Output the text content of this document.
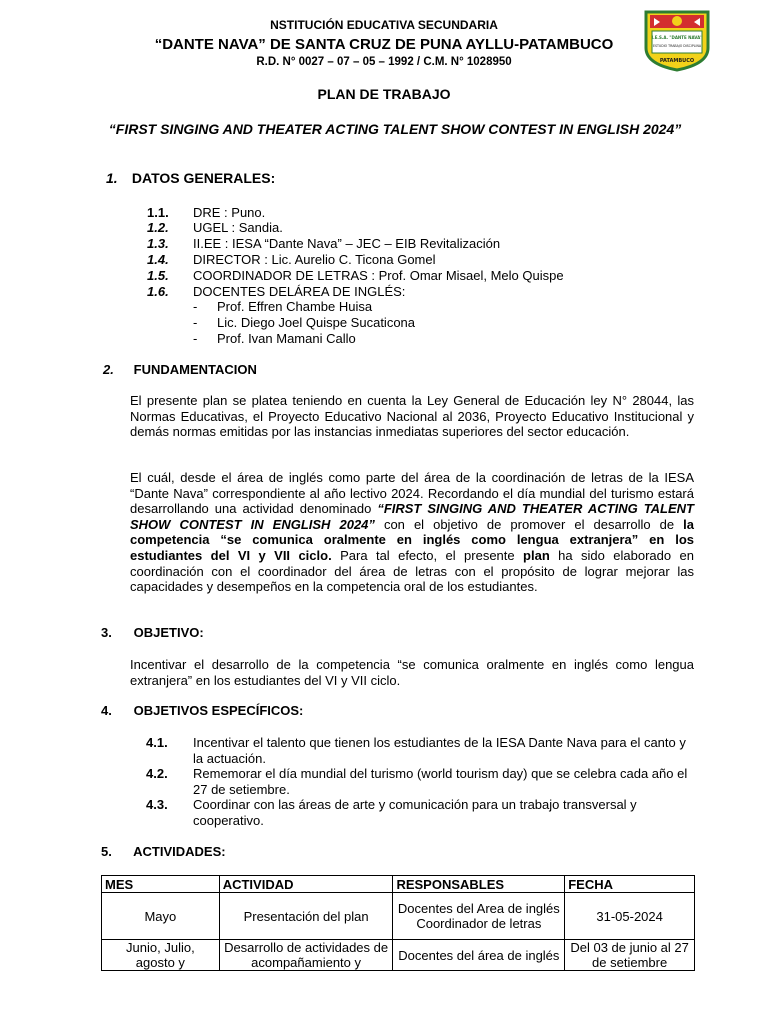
NSTITUCIÓN EDUCATIVA SECUNDARIA
“DANTE NAVA” DE SANTA CRUZ DE PUNA AYLLU-PATAMBUCO
R.D. N° 0027 – 07 – 05 – 1992 / C.M. N° 1028950
I.E.S.A. "DANTE NAVA"
ESTUDIO TRABAJO DISCIPLINA
PATAMBUCO
PLAN DE TRABAJO
“FIRST SINGING AND THEATER ACTING TALENT SHOW CONTEST IN ENGLISH 2024”
1. DATOS GENERALES:
1.1. DRE : Puno.
1.2. UGEL : Sandia.
1.3. II.EE : IESA “Dante Nava” – JEC – EIB Revitalización
1.4. DIRECTOR : Lic. Aurelio C. Ticona Gomel
1.5. COORDINADOR DE LETRAS : Prof. Omar Misael, Melo Quispe
1.6. DOCENTES DELÁREA DE INGLÉS:
- Prof. Effren Chambe Huisa
- Lic. Diego Joel Quispe Sucaticona
- Prof. Ivan Mamani Callo
2. FUNDAMENTACION
El presente plan se platea teniendo en cuenta la Ley General de Educación ley N° 28044, las Normas Educativas, el Proyecto Educativo Nacional al 2036, Proyecto Educativo Institucional y demás normas emitidas por las instancias inmediatas superiores del sector educación.
El cuál, desde el área de inglés como parte del área de la coordinación de letras de la IESA “Dante Nava” correspondiente al año lectivo 2024. Recordando el día mundial del turismo estará desarrollando una actividad denominado “FIRST SINGING AND THEATER ACTING TALENT SHOW CONTEST IN ENGLISH 2024” con el objetivo de promover el desarrollo de la competencia “se comunica oralmente en inglés como lengua extranjera” en los estudiantes del VI y VII ciclo. Para tal efecto, el presente plan ha sido elaborado en coordinación con el coordinador del área de letras con el propósito de lograr mejorar las capacidades y desempeños en la competencia oral de los estudiantes.
3. OBJETIVO:
Incentivar el desarrollo de la competencia “se comunica oralmente en inglés como lengua extranjera” en los estudiantes del VI y VII ciclo.
4. OBJETIVOS ESPECÍFICOS:
4.1. Incentivar el talento que tienen los estudiantes de la IESA Dante Nava para el canto y la actuación.
4.2. Rememorar el día mundial del turismo (world tourism day) que se celebra cada año el 27 de setiembre.
4.3. Coordinar con las áreas de arte y comunicación para un trabajo transversal y cooperativo.
5. ACTIVIDADES:
MES	ACTIVIDAD	RESPONSABLES	FECHA
Mayo	Presentación del plan	Docentes del Area de inglés Coordinador de letras	31-05-2024
Junio, Julio, agosto y	Desarrollo de actividades de acompañamiento y	Docentes del área de inglés	Del 03 de junio al 27 de setiembre
